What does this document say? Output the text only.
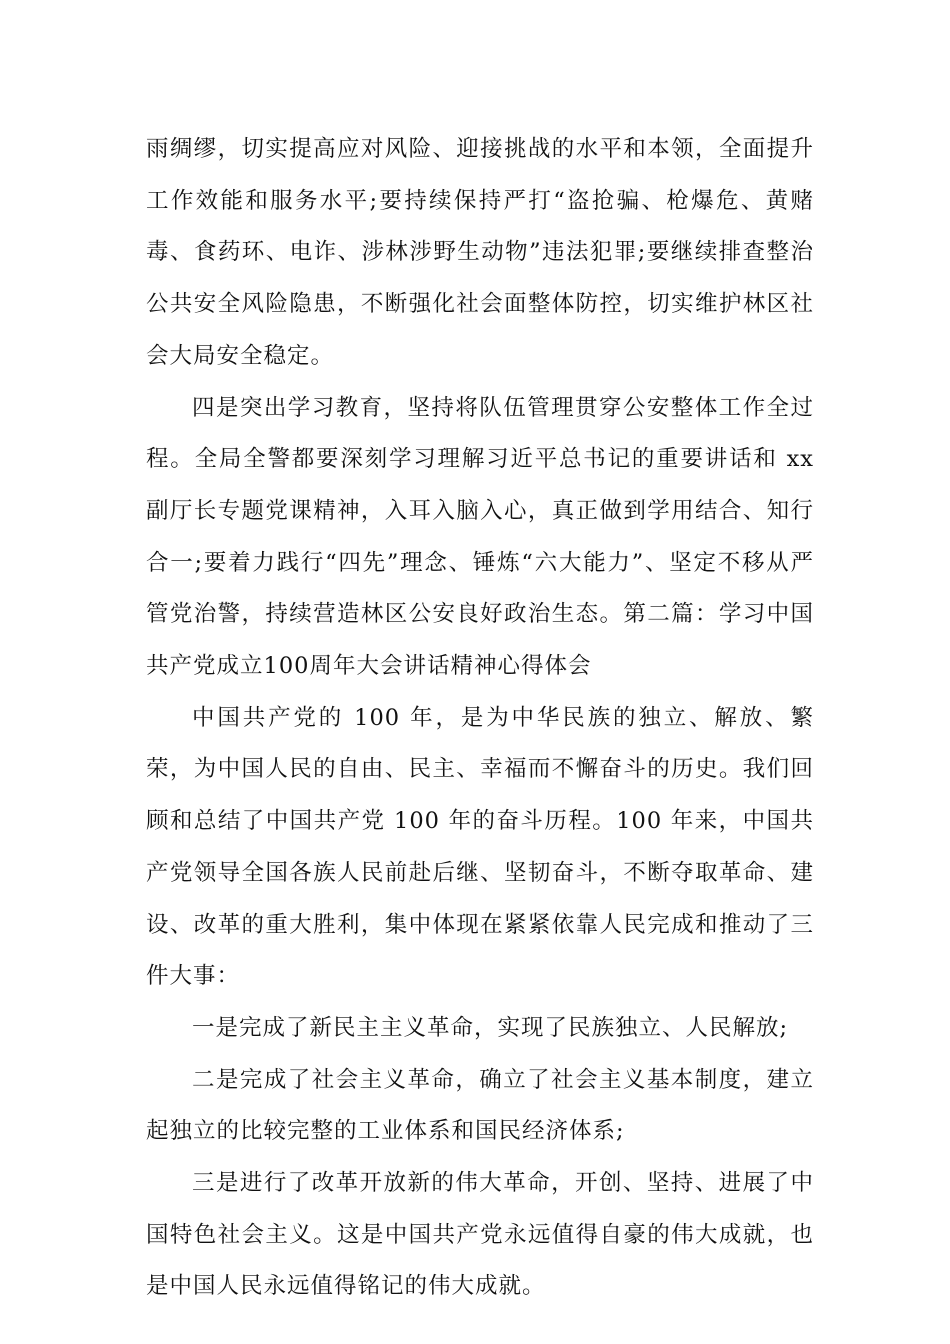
雨绸缪，切实提高应对风险、迎接挑战的水平和本领，全面提升工作效能和服务水平;要持续保持严打“盗抢骗、枪爆危、黄赌毒、食药环、电诈、涉林涉野生动物”违法犯罪;要继续排查整治公共安全风险隐患，不断强化社会面整体防控，切实维护林区社会大局安全稳定。

四是突出学习教育，坚持将队伍管理贯穿公安整体工作全过程。全局全警都要深刻学习理解习近平总书记的重要讲话和 xx 副厅长专题党课精神，入耳入脑入心，真正做到学用结合、知行合一;要着力践行“四先”理念、锤炼“六大能力”、坚定不移从严管党治警，持续营造林区公安良好政治生态。第二篇：学习中国共产党成立100周年大会讲话精神心得体会

中国共产党的 100 年，是为中华民族的独立、解放、繁荣，为中国人民的自由、民主、幸福而不懈奋斗的历史。我们回顾和总结了中国共产党 100 年的奋斗历程。100 年来，中国共产党领导全国各族人民前赴后继、坚韧奋斗，不断夺取革命、建设、改革的重大胜利，集中体现在紧紧依靠人民完成和推动了三件大事：

一是完成了新民主主义革命，实现了民族独立、人民解放;

二是完成了社会主义革命，确立了社会主义基本制度，建立起独立的比较完整的工业体系和国民经济体系;

三是进行了改革开放新的伟大革命，开创、坚持、进展了中国特色社会主义。这是中国共产党永远值得自豪的伟大成就，也是中国人民永远值得铭记的伟大成就。
